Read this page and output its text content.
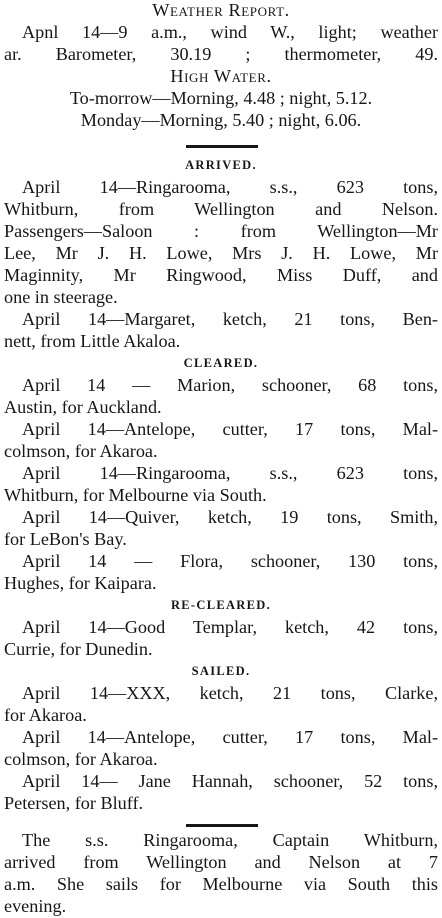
Weather Report.
Apnl 14—9 a.m., wind W., light; weather
ar. Barometer, 30.19 ; thermometer, 49.
High Water.
To-morrow—Morning, 4.48 ; night, 5.12.
Monday—Morning, 5.40 ; night, 6.06.
ARRIVED.
April 14—Ringarooma, s.s., 623 tons,
Whitburn, from Wellington and Nelson.
Passengers—Saloon : from Wellington—Mr
Lee, Mr J. H. Lowe, Mrs J. H. Lowe, Mr
Maginnity, Mr Ringwood, Miss Duff, and
one in steerage.
April 14—Margaret, ketch, 21 tons, Ben-
nett, from Little Akaloa.
CLEARED.
April 14 — Marion, schooner, 68 tons,
Austin, for Auckland.
April 14—Antelope, cutter, 17 tons, Mal-
colmson, for Akaroa.
April 14—Ringarooma, s.s., 623 tons,
Whitburn, for Melbourne via South.
April 14—Quiver, ketch, 19 tons, Smith,
for LeBon's Bay.
April 14 — Flora, schooner, 130 tons,
Hughes, for Kaipara.
RE-CLEARED.
April 14—Good Templar, ketch, 42 tons,
Currie, for Dunedin.
SAILED.
April 14—XXX, ketch, 21 tons, Clarke,
for Akaroa.
April 14—Antelope, cutter, 17 tons, Mal-
colmson, for Akaroa.
April 14— Jane Hannah, schooner, 52 tons,
Petersen, for Bluff.
The s.s. Ringarooma, Captain Whitburn,
arrived from Wellington and Nelson at 7
a.m. She sails for Melbourne via South this
evening.
